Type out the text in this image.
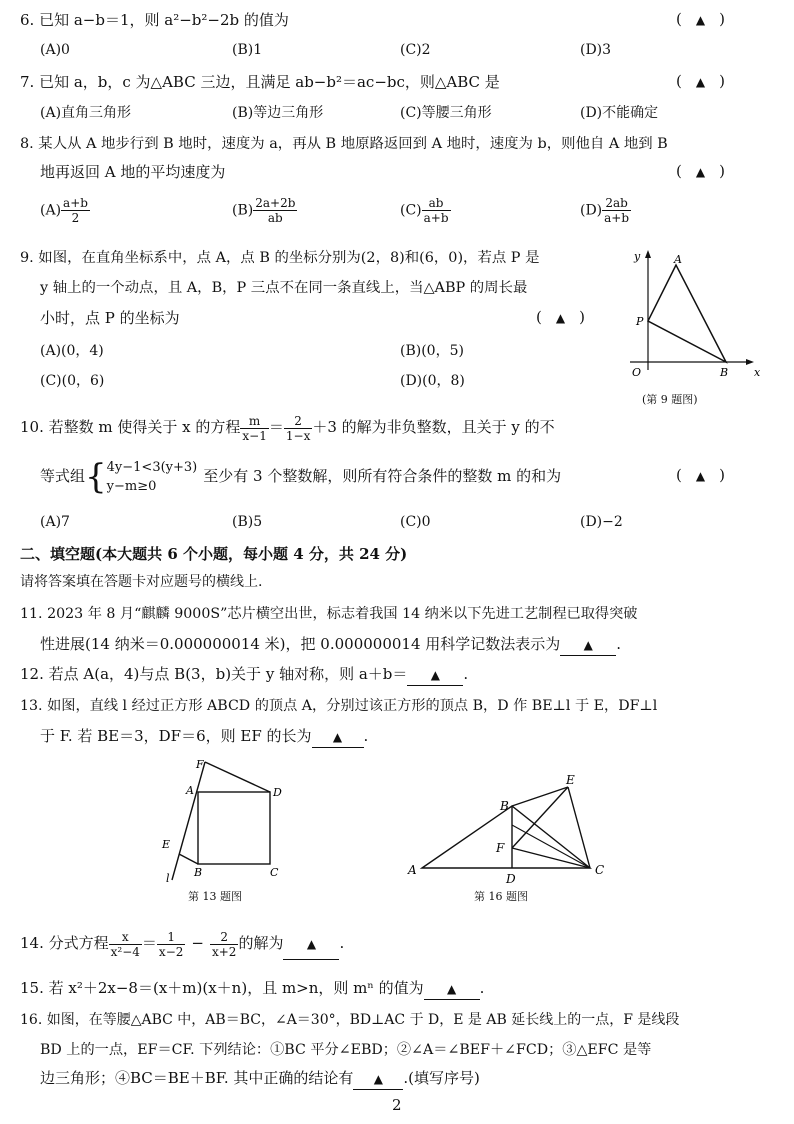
6. 已知 a−b＝1，则 a²−b²−2b 的值为	( ▲ )
(A)0	(B)1	(C)2	(D)3
7. 已知 a，b，c 为△ABC 三边，且满足 ab−b²＝ac−bc，则△ABC 是	( ▲ )
(A)直角三角形	(B)等边三角形	(C)等腰三角形	(D)不能确定
8. 某人从 A 地步行到 B 地时，速度为 a，再从 B 地原路返回到 A 地时，速度为 b，则他自 A 地到 B
地再返回 A 地的平均速度为	( ▲ )
$(A) \frac{a+b}{2}$	$(B) \frac{2a+2b}{ab}$	$(C) \frac{ab}{a+b}$	$(D) \frac{2ab}{a+b}$
9. 如图，在直角坐标系中，点 A，点 B 的坐标分别为(2，8)和(6，0)，若点 P 是
y 轴上的一个动点，且 A，B，P 三点不在同一条直线上，当△ABP 的周长最
小时，点 P 的坐标为	( ▲ )
(A)(0，4)	(B)(0，5)
(C)(0，6)	(D)(0，8)
y
x
O
A
P
B
(第 9 题图)
10. 若整数 m 使得关于 x 的方程 $\frac{m}{x-1} = \frac{2}{1-x} +3$ 的解为非负整数，且关于 y 的不
等式组{ 4y−1<3(y+3)
y−m≥0
至少有 3 个整数解，则所有符合条件的整数 m 的和为	( ▲ )
(A)7	(B)5	(C)0	(D)−2
二、填空题(本大题共 6 个小题，每小题 4 分，共 24 分)
请将答案填在答题卡对应题号的横线上.
11. 2023 年 8 月“麒麟 9000S”芯片横空出世，标志着我国 14 纳米以下先进工艺制程已取得突破
性进展(14 纳米＝0.000000014 米)，把 0.000000014 用科学记数法表示为 ▲ .
12. 若点 A(a，4)与点 B(3，b)关于 y 轴对称，则 a＋b＝ ▲ .
13. 如图，直线 l 经过正方形 ABCD 的顶点 A，分别过该正方形的顶点 B，D 作 BE⊥l 于 E，DF⊥l
于 F. 若 BE＝3，DF＝6，则 EF 的长为 ▲ .
F
A	D
E
l B	C
第 13 题图
A
B
C
D
E
F
第 16 题图
14. 分式方程 $\frac{x}{\text{x²−4}} = \frac{1}{x-2} - \frac{2}{x+2}$ 的解为 ▲ .
15. 若 x²＋2x−8＝(x＋m)(x＋n)，且 m>n，则 mⁿ 的值为 ▲ .
16. 如图，在等腰△ABC 中，AB＝BC，∠A＝30°，BD⊥AC 于 D，E 是 AB 延长线上的一点，F 是线段
BD 上的一点，EF＝CF. 下列结论：①BC 平分∠EBD；②∠A＝∠BEF＋∠FCD；③△EFC 是等
边三角形；④BC＝BE＋BF. 其中正确的结论有 ▲ .(填写序号)
2
